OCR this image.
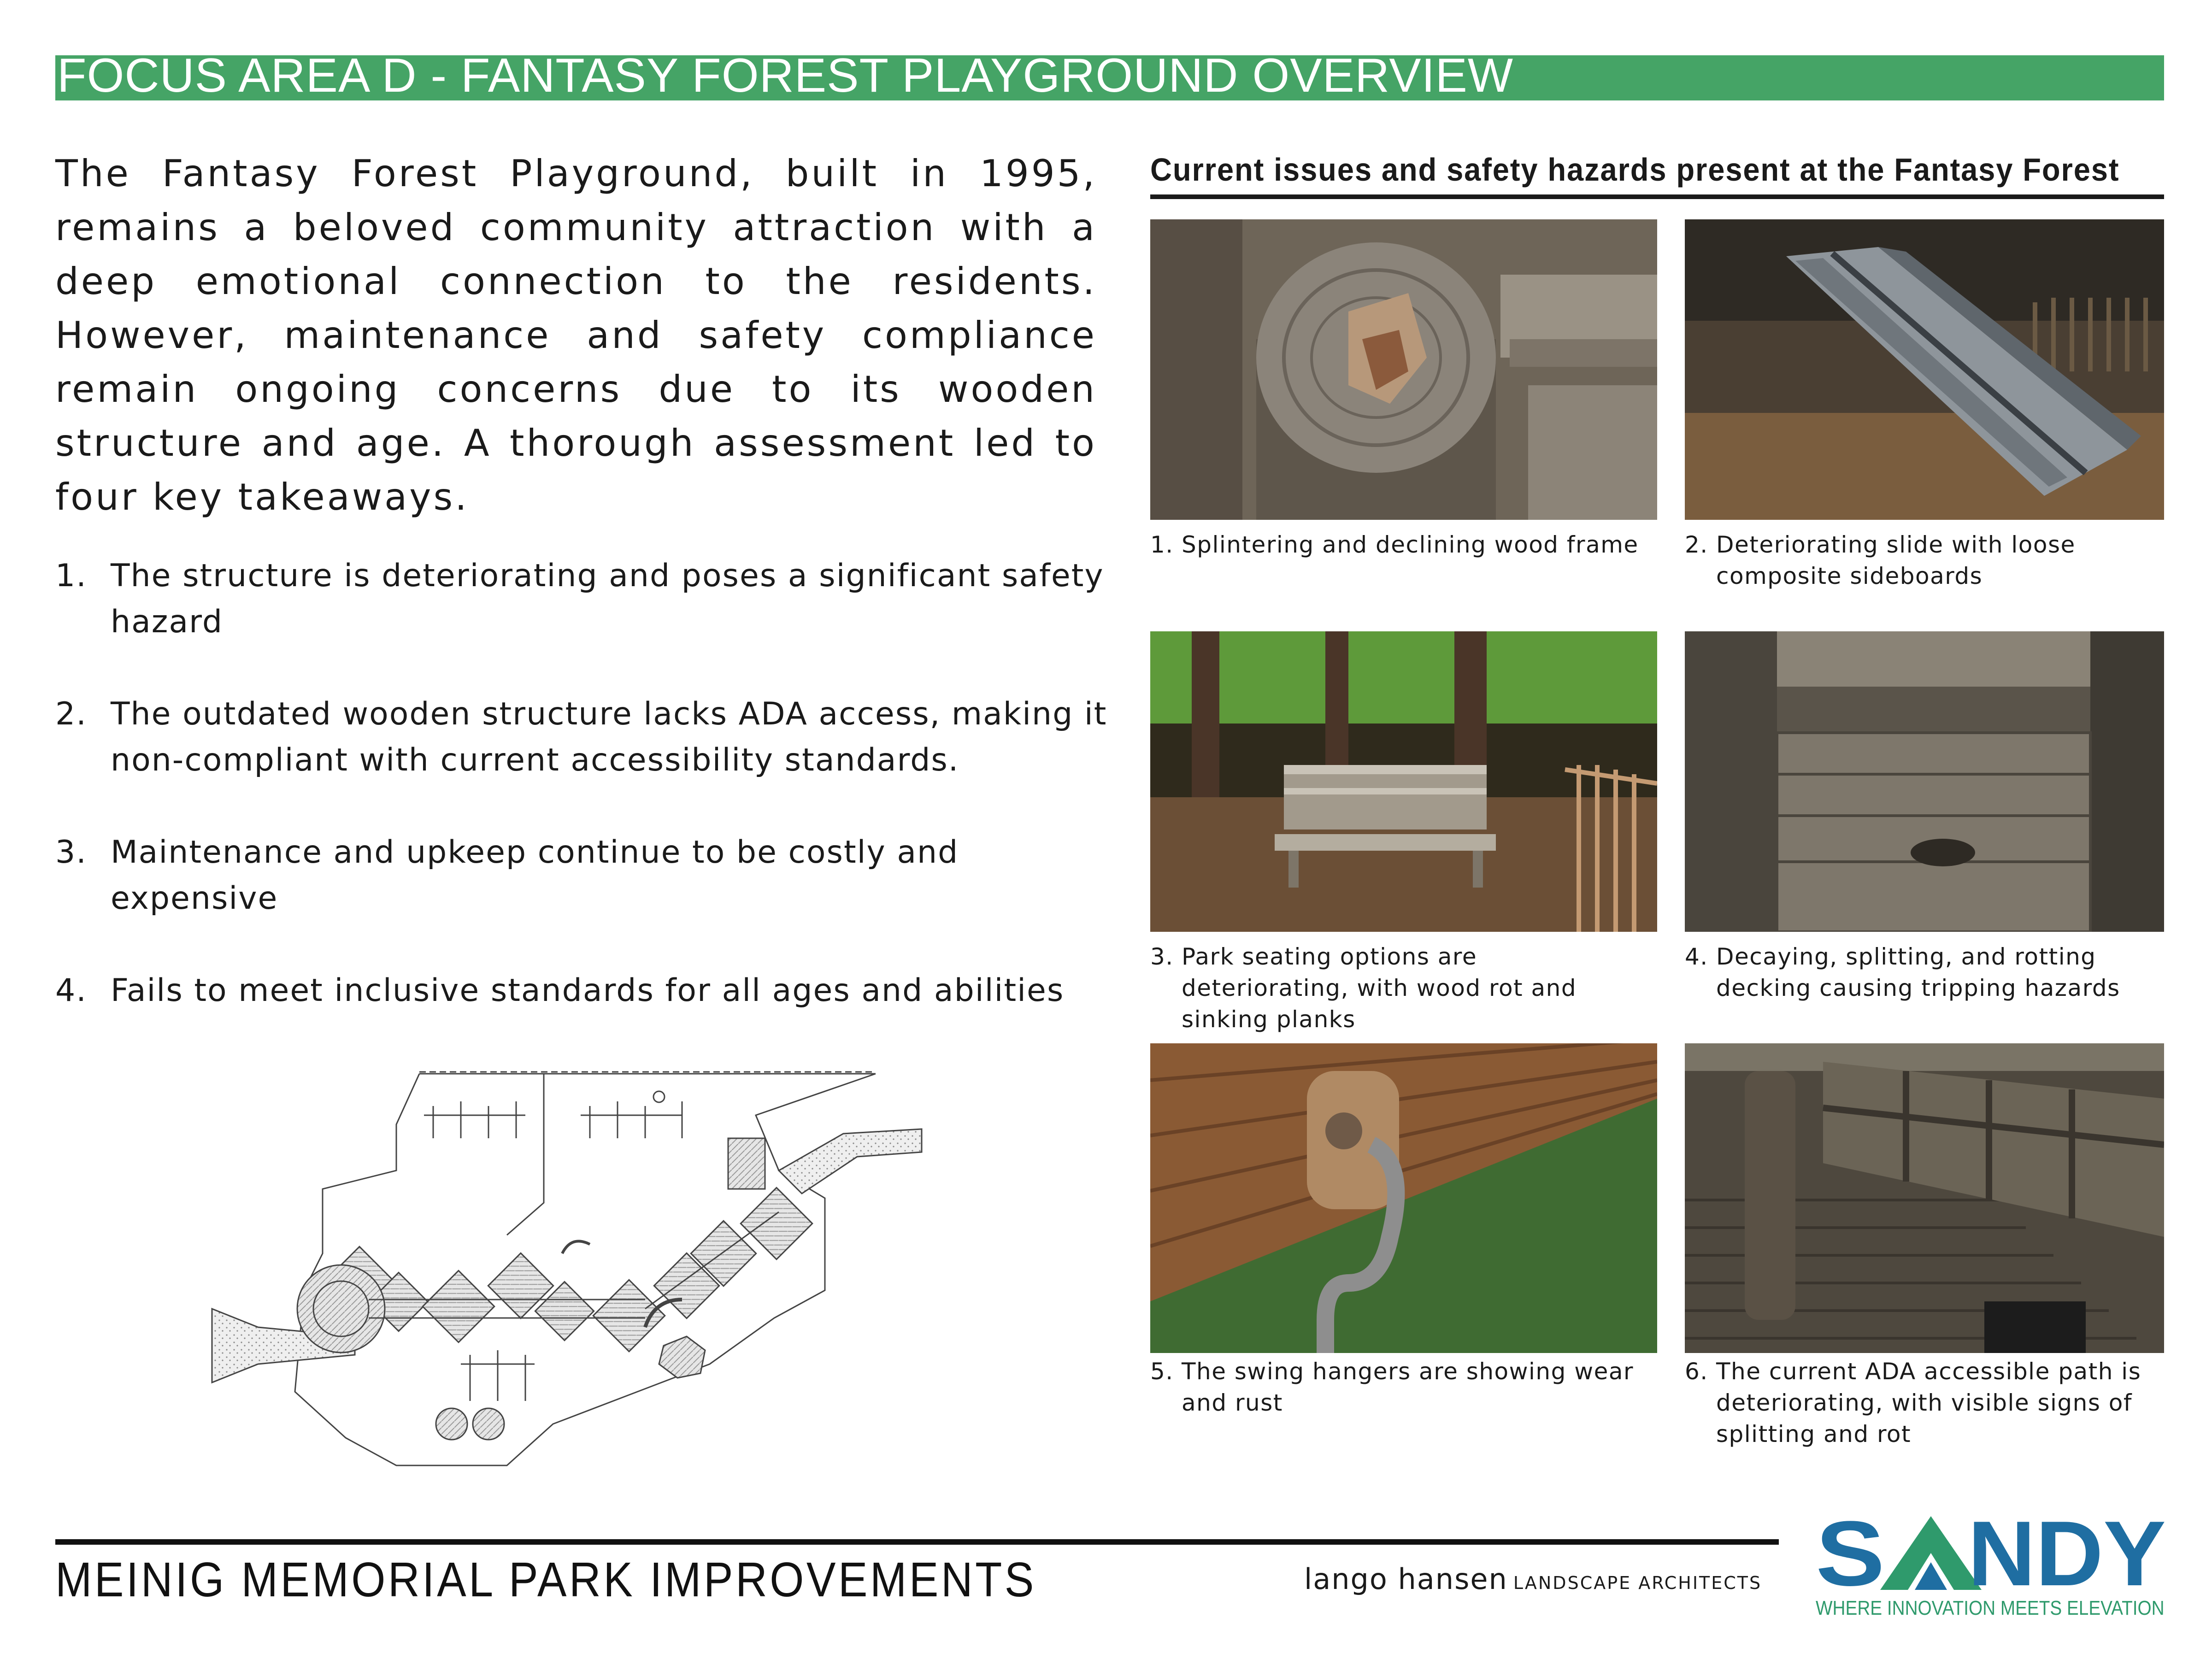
FOCUS AREA D - FANTASY FOREST PLAYGROUND OVERVIEW
The Fantasy Forest Playground, built in 1995, remains a beloved community attraction with a deep emotional connection to the residents. However, maintenance and safety compliance remain ongoing concerns due to its wooden structure and age. A thorough assessment led to four key takeaways.
1. The structure is deteriorating and poses a significant safety hazard
2. The outdated wooden structure lacks ADA access, making it non-compliant with current accessibility standards.
3. Maintenance and upkeep continue to be costly and expensive
4. Fails to meet inclusive standards for all ages and abilities
Current issues and safety hazards present at the Fantasy Forest
1. Splintering and declining wood frame 2. Deteriorating slide with loose composite sideboards
3. Park seating options are deteriorating, with wood rot and sinking planks
4. Decaying, splitting, and rotting decking causing tripping hazards
5. The swing hangers are showing wear and rust
6. The current ADA accessible path is deteriorating, with visible signs of splitting and rot
MEINIG MEMORIAL PARK IMPROVEMENTS	lango hansen LANDSCAPE ARCHITECTS S NDY
WHERE INNOVATION MEETS ELEVATION
